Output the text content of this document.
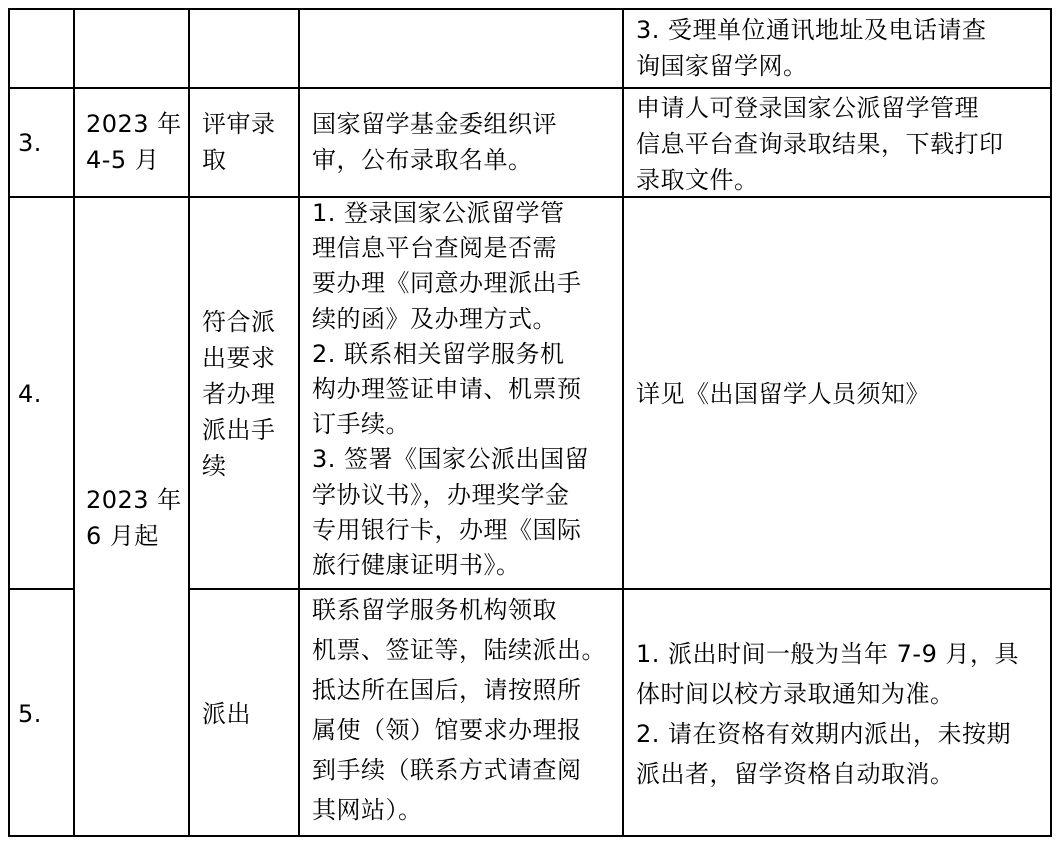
3. 受理单位通讯地址及电话请查
询国家留学网。
3.
2023 年
4-5 月
评审录
取
国家留学基金委组织评
审，公布录取名单。
申请人可登录国家公派留学管理
信息平台查询录取结果，下载打印
录取文件。
4.
符合派
出要求
者办理
派出手
续
1. 登录国家公派留学管
理信息平台查阅是否需
要办理《同意办理派出手
续的函》及办理方式。
2. 联系相关留学服务机
构办理签证申请、机票预
订手续。
3. 签署《国家公派出国留
学协议书》，办理奖学金
专用银行卡，办理《国际
旅行健康证明书》。
详见《出国留学人员须知》
2023 年
6 月起
5.	派出
联系留学服务机构领取
机票、签证等，陆续派出。
抵达所在国后，请按照所
属使（领）馆要求办理报
到手续（联系方式请查阅
其网站）。
1. 派出时间一般为当年 7-9 月，具
体时间以校方录取通知为准。
2. 请在资格有效期内派出，未按期
派出者，留学资格自动取消。
